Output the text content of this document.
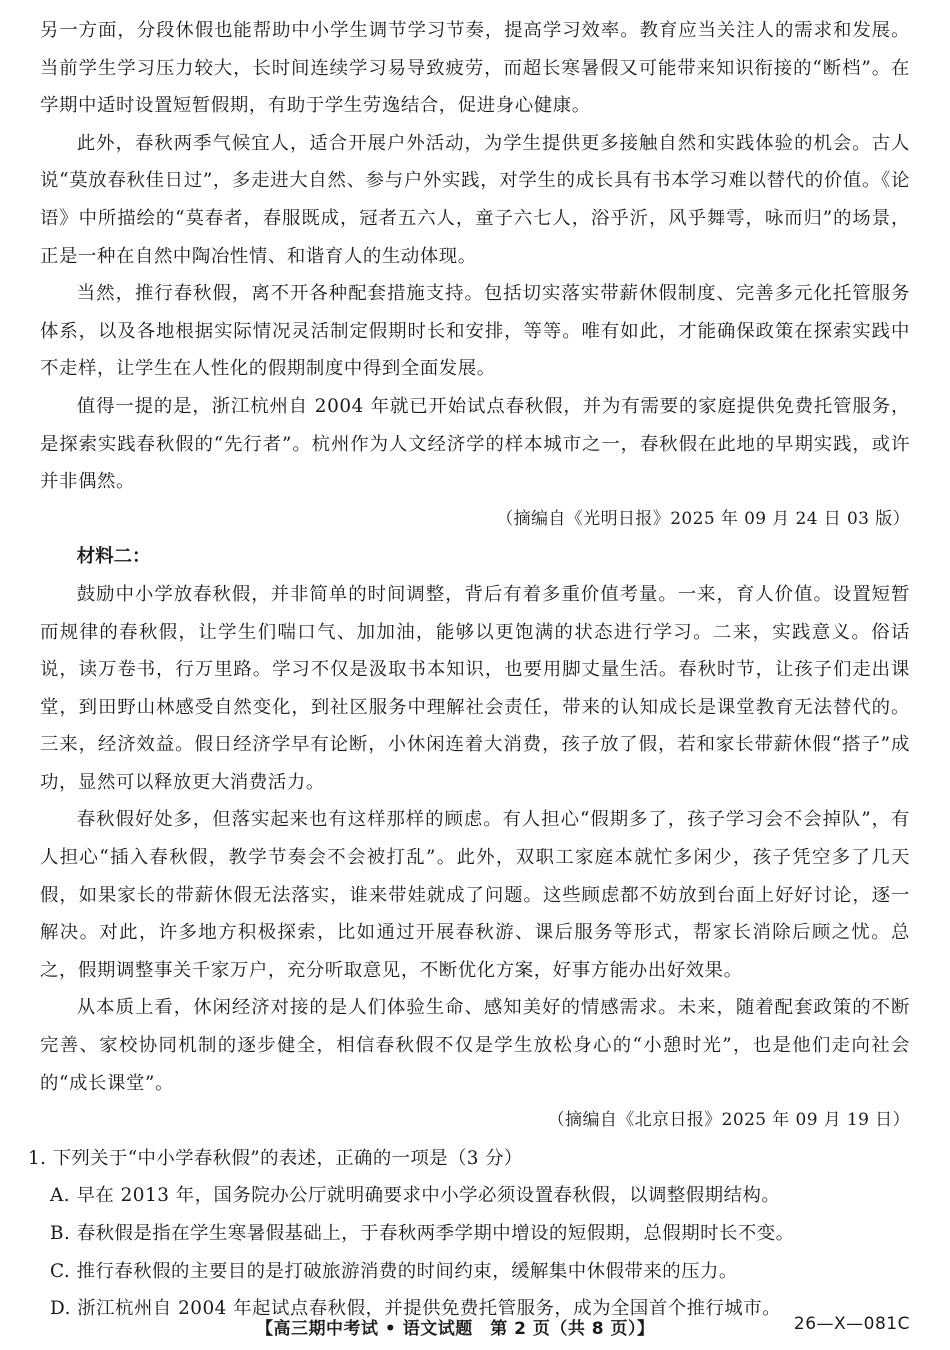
另一方面，分段休假也能帮助中小学生调节学习节奏，提高学习效率。教育应当关注人的需求和发展。当前学生学习压力较大，长时间连续学习易导致疲劳，而超长寒暑假又可能带来知识衔接的“断档”。在学期中适时设置短暂假期，有助于学生劳逸结合，促进身心健康。

此外，春秋两季气候宜人，适合开展户外活动，为学生提供更多接触自然和实践体验的机会。古人说“莫放春秋佳日过”，多走进大自然、参与户外实践，对学生的成长具有书本学习难以替代的价值。《论语》中所描绘的“莫春者，春服既成，冠者五六人，童子六七人，浴乎沂，风乎舞雩，咏而归”的场景，正是一种在自然中陶冶性情、和谐育人的生动体现。

当然，推行春秋假，离不开各种配套措施支持。包括切实落实带薪休假制度、完善多元化托管服务体系，以及各地根据实际情况灵活制定假期时长和安排，等等。唯有如此，才能确保政策在探索实践中不走样，让学生在人性化的假期制度中得到全面发展。

值得一提的是，浙江杭州自 2004 年就已开始试点春秋假，并为有需要的家庭提供免费托管服务，是探索实践春秋假的“先行者”。杭州作为人文经济学的样本城市之一，春秋假在此地的早期实践，或许并非偶然。

（摘编自《光明日报》2025 年 09 月 24 日 03 版）

材料二：

鼓励中小学放春秋假，并非简单的时间调整，背后有着多重价值考量。一来，育人价值。设置短暂而规律的春秋假，让学生们喘口气、加加油，能够以更饱满的状态进行学习。二来，实践意义。俗话说，读万卷书，行万里路。学习不仅是汲取书本知识，也要用脚丈量生活。春秋时节，让孩子们走出课堂，到田野山林感受自然变化，到社区服务中理解社会责任，带来的认知成长是课堂教育无法替代的。三来，经济效益。假日经济学早有论断，小休闲连着大消费，孩子放了假，若和家长带薪休假“搭子”成功，显然可以释放更大消费活力。

春秋假好处多，但落实起来也有这样那样的顾虑。有人担心“假期多了，孩子学习会不会掉队”，有人担心“插入春秋假，教学节奏会不会被打乱”。此外，双职工家庭本就忙多闲少，孩子凭空多了几天假，如果家长的带薪休假无法落实，谁来带娃就成了问题。这些顾虑都不妨放到台面上好好讨论，逐一解决。对此，许多地方积极探索，比如通过开展春秋游、课后服务等形式，帮家长消除后顾之忧。总之，假期调整事关千家万户，充分听取意见，不断优化方案，好事方能办出好效果。

从本质上看，休闲经济对接的是人们体验生命、感知美好的情感需求。未来，随着配套政策的不断完善、家校协同机制的逐步健全，相信春秋假不仅是学生放松身心的“小憩时光”，也是他们走向社会的“成长课堂”。

（摘编自《北京日报》2025 年 09 月 19 日）

1. 下列关于“中小学春秋假”的表述，正确的一项是（3 分）

A. 早在 2013 年，国务院办公厅就明确要求中小学必须设置春秋假，以调整假期结构。

B. 春秋假是指在学生寒暑假基础上，于春秋两季学期中增设的短假期，总假期时长不变。

C. 推行春秋假的主要目的是打破旅游消费的时间约束，缓解集中休假带来的压力。

D. 浙江杭州自 2004 年起试点春秋假，并提供免费托管服务，成为全国首个推行城市。

【高三期中考试 • 语文试题　第 2 页（共 8 页）】	26—X—081C
